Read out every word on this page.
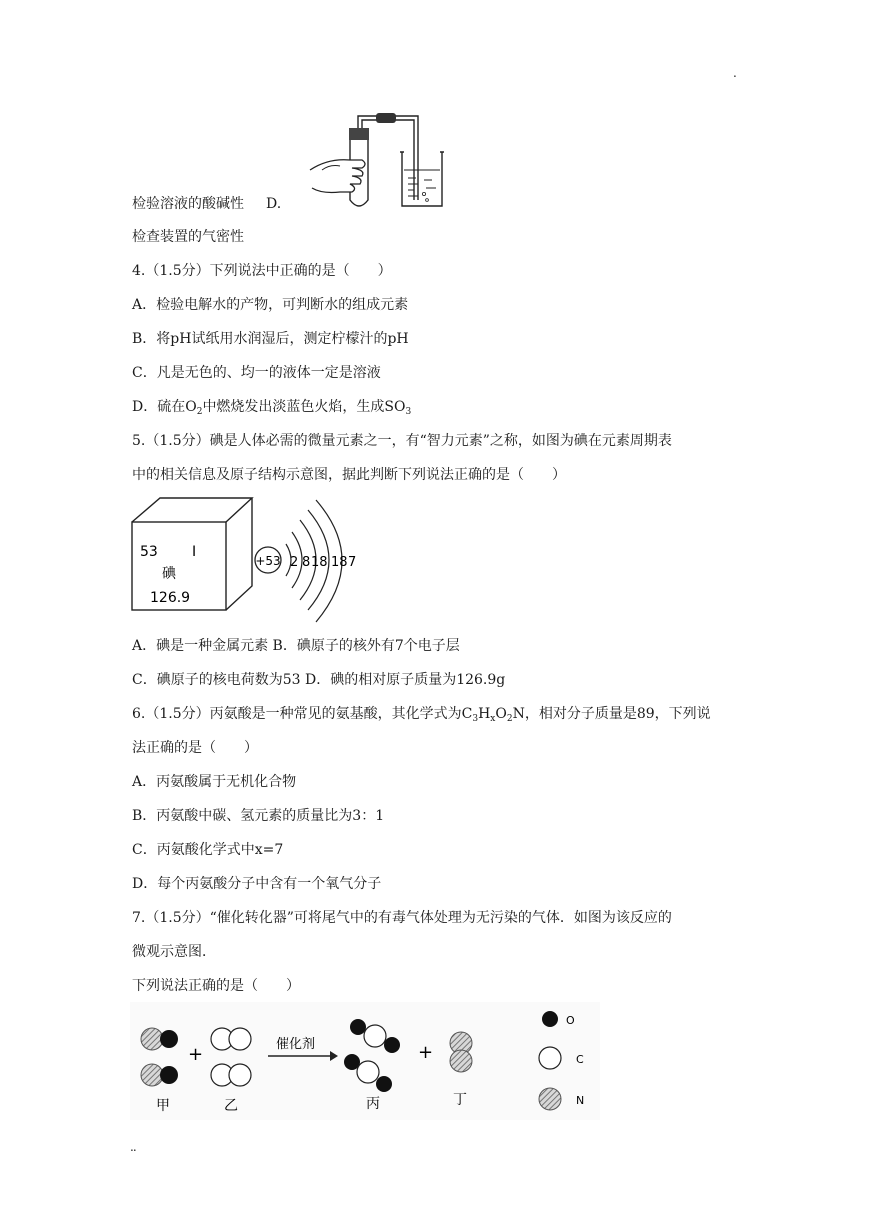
.
检验溶液的酸碱性 D.
检查装置的气密性
4.（1.5分）下列说法中正确的是（　　）
A．检验电解水的产物，可判断水的组成元素
B．将pH试纸用水润湿后，测定柠檬汁的pH
C．凡是无色的、均一的液体一定是溶液
D．硫在$O_2$中燃烧发出淡蓝色火焰，生成$SO_3$
5.（1.5分）碘是人体必需的微量元素之一，有“智力元素”之称，如图为碘在元素周期表
中的相关信息及原子结构示意图，据此判断下列说法正确的是（　　）
53 I
碘
126.9
+53 2 8 18 18 7
A．碘是一种金属元素 B．碘原子的核外有7个电子层
C．碘原子的核电荷数为53 D．碘的相对原子质量为126.9g
6.（1.5分）丙氨酸是一种常见的氨基酸，其化学式为$C_3H_xO_2N$，相对分子质量是89，下列说
法正确的是（　　）
A．丙氨酸属于无机化合物
B．丙氨酸中碳、氢元素的质量比为3：1
C．丙氨酸化学式中x=7
D．每个丙氨酸分子中含有一个氧气分子
7.（1.5分）“催化转化器”可将尾气中的有毒气体处理为无污染的气体．如图为该反应的
微观示意图．
下列说法正确的是（　　）
+	催化剂	+
甲	乙	丙	丁
O
C
N
..
